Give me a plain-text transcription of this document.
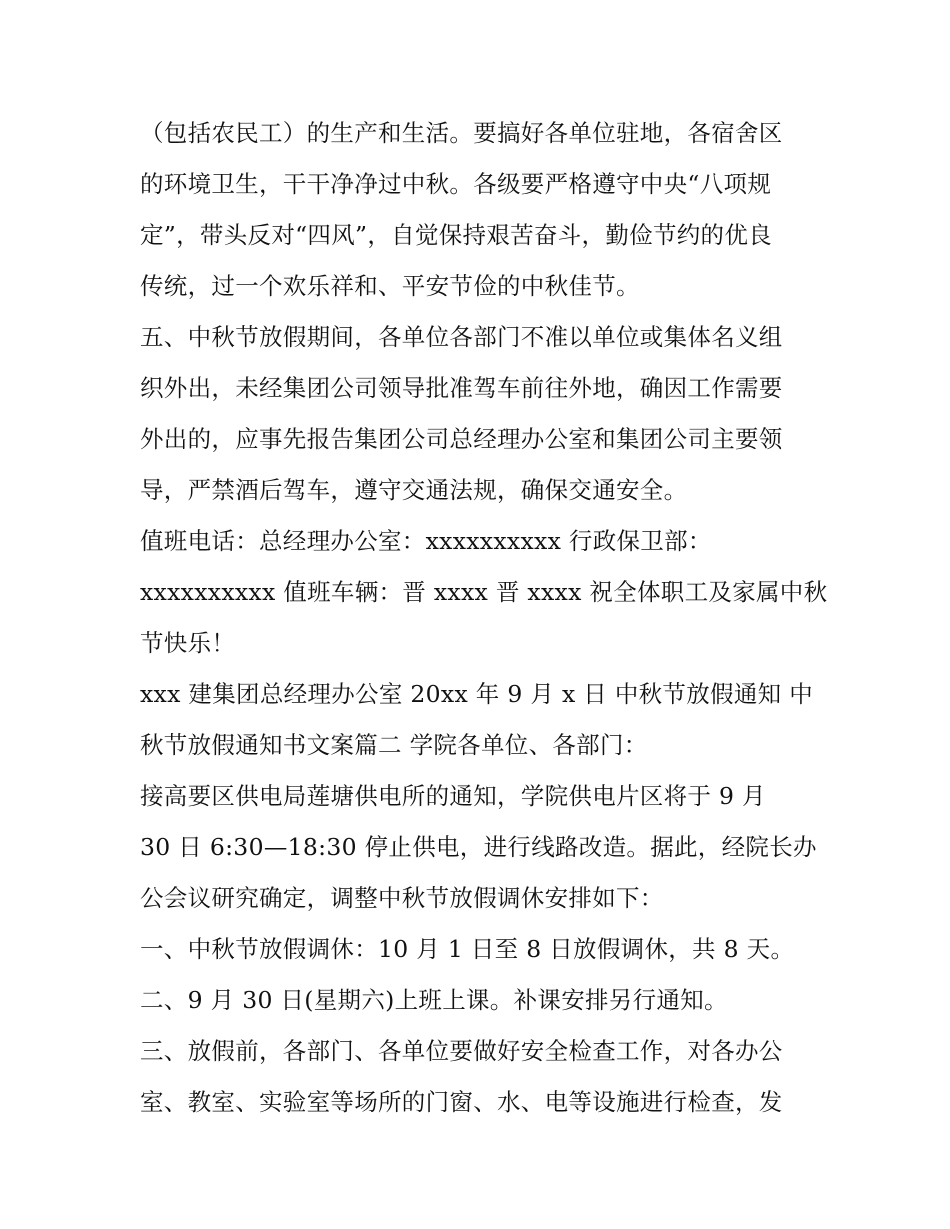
（包括农民工）的生产和生活。要搞好各单位驻地，各宿舍区
的环境卫生，干干净净过中秋。各级要严格遵守中央“八项规
定”，带头反对“四风”，自觉保持艰苦奋斗，勤俭节约的优良
传统，过一个欢乐祥和、平安节俭的中秋佳节。
五、中秋节放假期间，各单位各部门不准以单位或集体名义组
织外出，未经集团公司领导批准驾车前往外地，确因工作需要
外出的，应事先报告集团公司总经理办公室和集团公司主要领
导，严禁酒后驾车，遵守交通法规，确保交通安全。
值班电话：总经理办公室：xxxxxxxxxx 行政保卫部：
xxxxxxxxxx 值班车辆：晋 xxxx 晋 xxxx 祝全体职工及家属中秋
节快乐！
xxx 建集团总经理办公室 20xx 年 9 月 x 日 中秋节放假通知 中
秋节放假通知书文案篇二 学院各单位、各部门：
接高要区供电局莲塘供电所的通知，学院供电片区将于 9 月
30 日 6:30—18:30 停止供电，进行线路改造。据此，经院长办
公会议研究确定，调整中秋节放假调休安排如下：
一、中秋节放假调休：10 月 1 日至 8 日放假调休，共 8 天。
二、9 月 30 日(星期六)上班上课。补课安排另行通知。
三、放假前，各部门、各单位要做好安全检查工作，对各办公
室、教室、实验室等场所的门窗、水、电等设施进行检查，发
